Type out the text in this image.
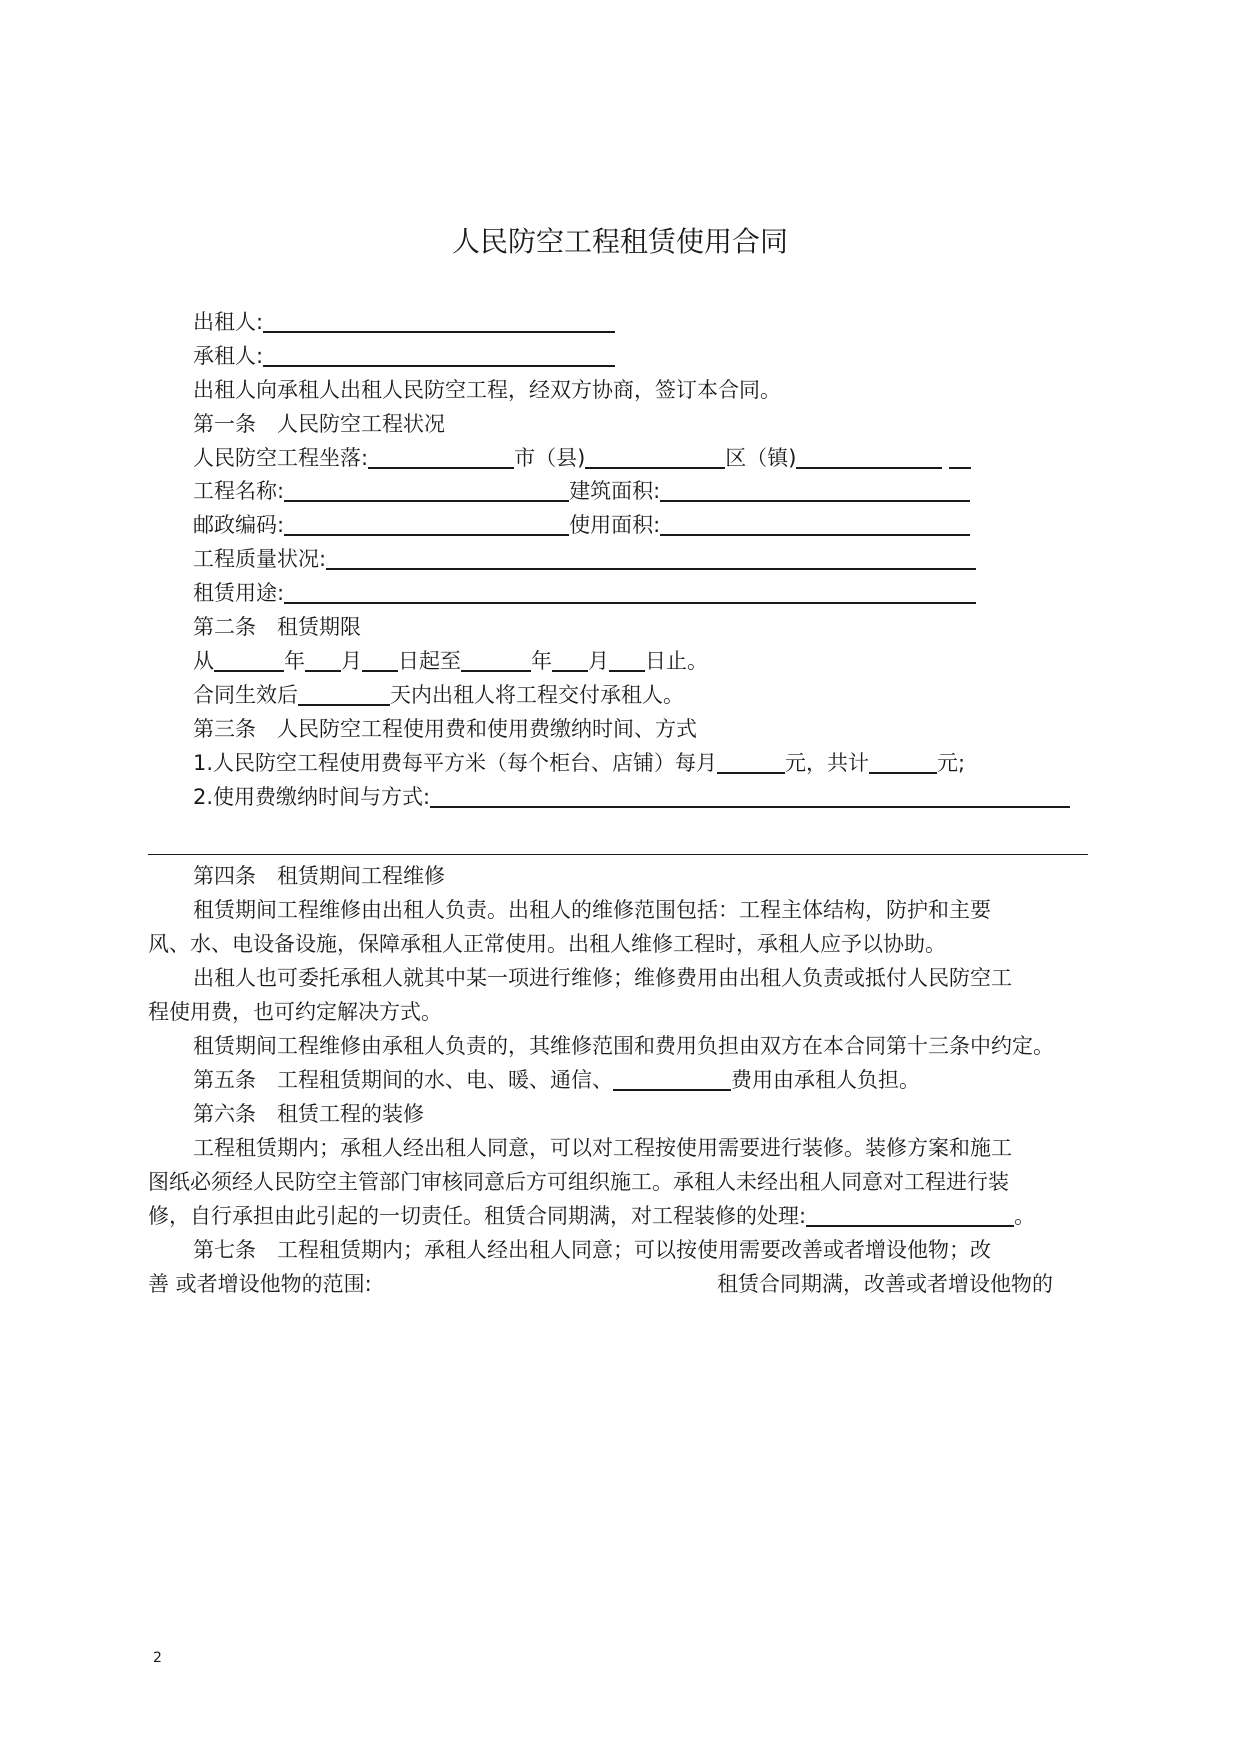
人民防空工程租赁使用合同
出租人:
承租人:
出租人向承租人出租人民防空工程，经双方协商，签订本合同。
第一条　人民防空工程状况
人民防空工程坐落:	市（县)	区（镇)
工程名称:	建筑面积:
邮政编码:	使用面积:
工程质量状况:
租赁用途:
第二条　租赁期限
从	年 月 日起至	年 月 日止。
合同生效后	天内出租人将工程交付承租人。
第三条　人民防空工程使用费和使用费缴纳时间、方式
1.人民防空工程使用费每平方米（每个柜台、店铺）每月	元，共计	元;
2.使用费缴纳时间与方式:
第四条　租赁期间工程维修
租赁期间工程维修由出租人负责。出租人的维修范围包括：工程主体结构，防护和主要
风、水、电设备设施，保障承租人正常使用。出租人维修工程时，承租人应予以协助。
出租人也可委托承租人就其中某一项进行维修；维修费用由出租人负责或抵付人民防空工
程使用费，也可约定解决方式。
租赁期间工程维修由承租人负责的，其维修范围和费用负担由双方在本合同第十三条中约定。
第五条　工程租赁期间的水、电、暖、通信、	费用由承租人负担。
第六条　租赁工程的装修
工程租赁期内；承租人经出租人同意，可以对工程按使用需要进行装修。装修方案和施工
图纸必须经人民防空主管部门审核同意后方可组织施工。承租人未经出租人同意对工程进行装
修，自行承担由此引起的一切责任。租赁合同期满，对工程装修的处理:	。
第七条　工程租赁期内；承租人经出租人同意；可以按使用需要改善或者增设他物；改
善 或者增设他物的范围:	租赁合同期满，改善或者增设他物的
2
